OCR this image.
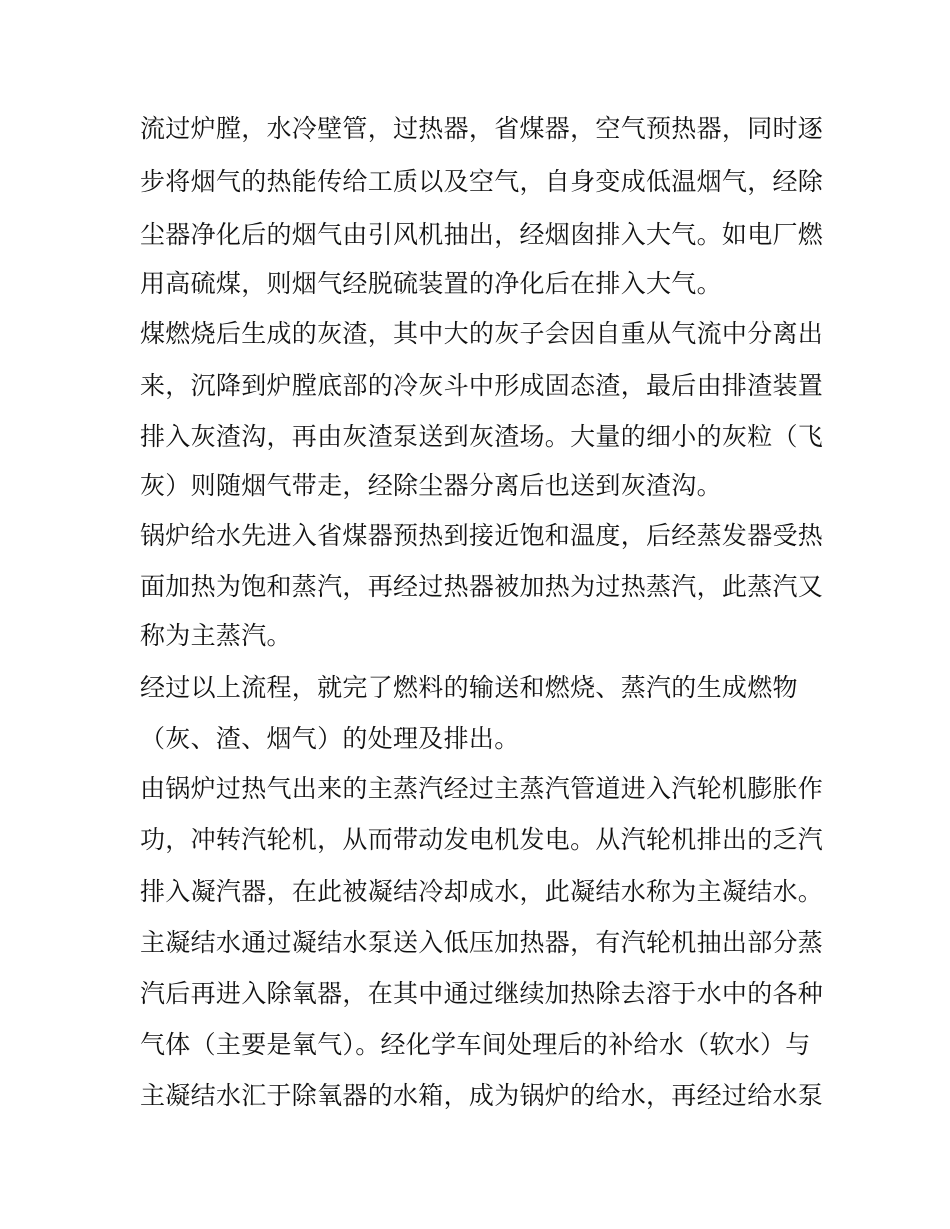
流过炉膛，水冷壁管，过热器，省煤器，空气预热器，同时逐
步将烟气的热能传给工质以及空气，自身变成低温烟气，经除
尘器净化后的烟气由引风机抽出，经烟囱排入大气。如电厂燃
用高硫煤，则烟气经脱硫装置的净化后在排入大气。
煤燃烧后生成的灰渣，其中大的灰子会因自重从气流中分离出
来，沉降到炉膛底部的冷灰斗中形成固态渣，最后由排渣装置
排入灰渣沟，再由灰渣泵送到灰渣场。大量的细小的灰粒（飞
灰）则随烟气带走，经除尘器分离后也送到灰渣沟。
锅炉给水先进入省煤器预热到接近饱和温度，后经蒸发器受热
面加热为饱和蒸汽，再经过热器被加热为过热蒸汽，此蒸汽又
称为主蒸汽。
经过以上流程，就完了燃料的输送和燃烧、蒸汽的生成燃物
（灰、渣、烟气）的处理及排出。
由锅炉过热气出来的主蒸汽经过主蒸汽管道进入汽轮机膨胀作
功，冲转汽轮机，从而带动发电机发电。从汽轮机排出的乏汽
排入凝汽器，在此被凝结冷却成水，此凝结水称为主凝结水。
主凝结水通过凝结水泵送入低压加热器，有汽轮机抽出部分蒸
汽后再进入除氧器，在其中通过继续加热除去溶于水中的各种
气体（主要是氧气）。经化学车间处理后的补给水（软水）与
主凝结水汇于除氧器的水箱，成为锅炉的给水，再经过给水泵
